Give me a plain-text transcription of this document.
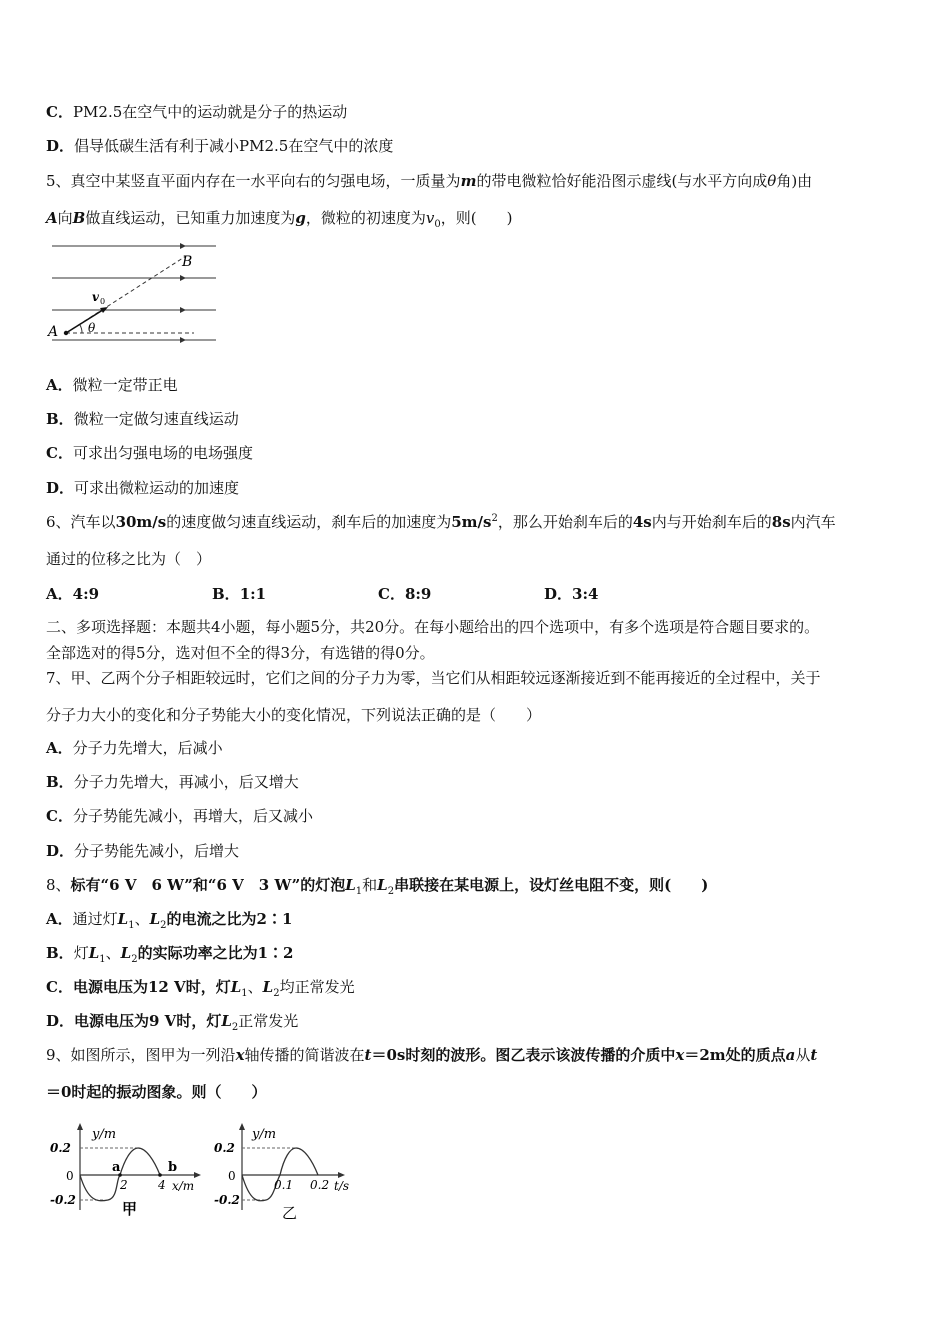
C．PM2.5在空气中的运动就是分子的热运动
D．倡导低碳生活有利于减小PM2.5在空气中的浓度
5、真空中某竖直平面内存在一水平向右的匀强电场，一质量为m的带电微粒恰好能沿图示虚线(与水平方向成θ角)由
A向B做直线运动，已知重力加速度为g，微粒的初速度为$v_0$，则(　　)
B
A
v 0
θ
A．微粒一定带正电
B．微粒一定做匀速直线运动
C．可求出匀强电场的电场强度
D．可求出微粒运动的加速度
6、汽车以30m/s的速度做匀速直线运动，刹车后的加速度为$5m/s^2$，那么开始刹车后的4s内与开始刹车后的8s内汽车
通过的位移之比为（　）
A．4:9	B．1:1	C．8:9	D．3:4
二、多项选择题：本题共4小题，每小题5分，共20分。在每小题给出的四个选项中，有多个选项是符合题目要求的。
全部选对的得5分，选对但不全的得3分，有选错的得0分。
7、甲、乙两个分子相距较远时，它们之间的分子力为零，当它们从相距较远逐渐接近到不能再接近的全过程中，关于
分子力大小的变化和分子势能大小的变化情况，下列说法正确的是（　　）
A．分子力先增大，后减小
B．分子力先增大，再减小，后又增大
C．分子势能先减小，再增大，后又减小
D．分子势能先减小，后增大
8、标有“6 V　6 W”和“6 V　3 W”的灯泡$L_1$和$L_2$串联接在某电源上，设灯丝电阻不变，则(　　)
A．通过灯$L_1$、$L_2$的电流之比为2∶1
B．灯$L_1$、$L_2$的实际功率之比为1∶2
C．电源电压为12 V时，灯$L_1$、$L_2$均正常发光
D．电源电压为9 V时，灯$L_2$正常发光
9、如图所示，图甲为一列沿x轴传播的简谐波在t＝0s时刻的波形。图乙表示该波传播的介质中x＝2m处的质点a从t
＝0时起的振动图象。则（　　）
y/m
0.2
0
-0.2
a	b
2	4 x/m
甲
y/m
0.2
0
-0.2
0.1 0.2 t/s
乙
